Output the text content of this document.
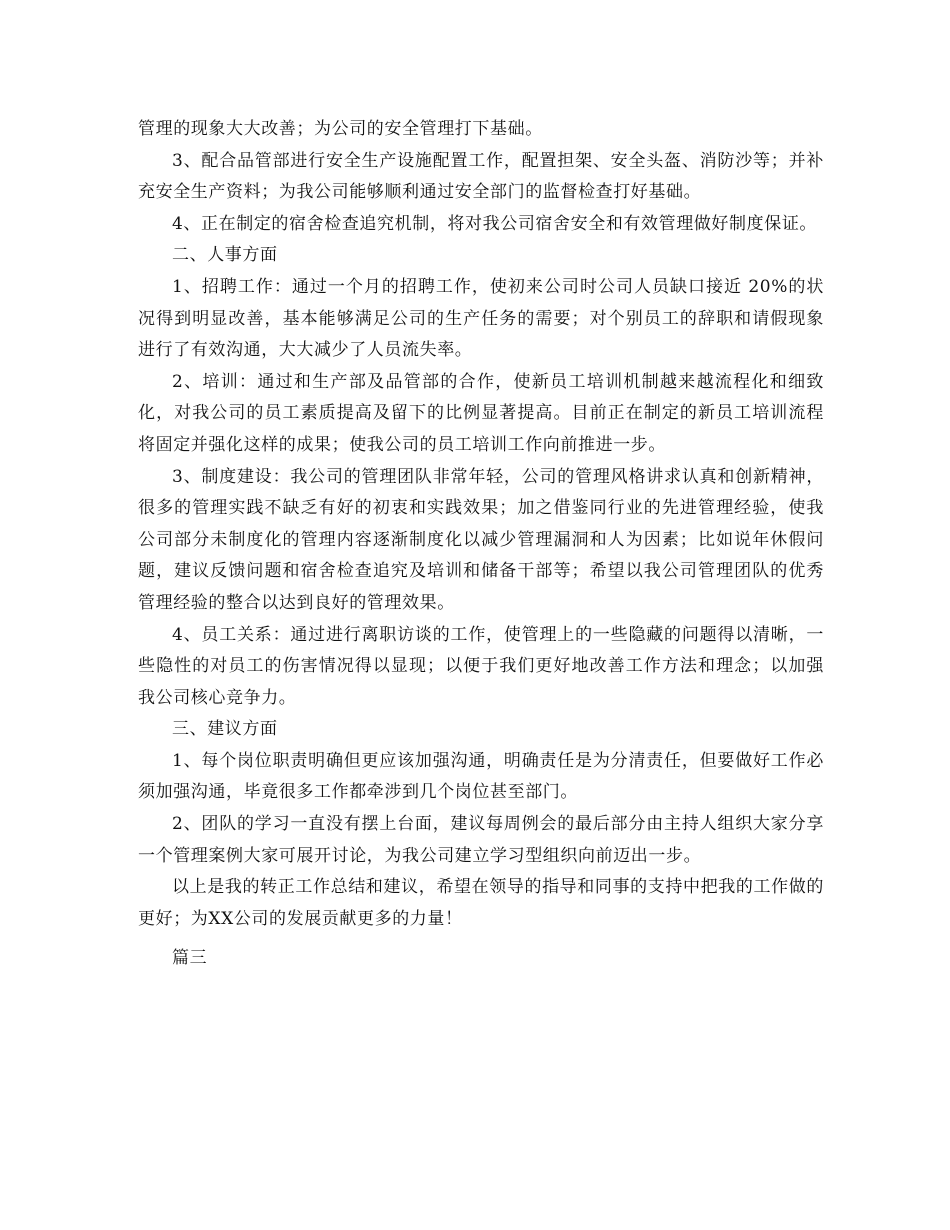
管理的现象大大改善；为公司的安全管理打下基础。

3、配合品管部进行安全生产设施配置工作，配置担架、安全头盔、消防沙等；并补充安全生产资料；为我公司能够顺利通过安全部门的监督检查打好基础。

4、正在制定的宿舍检查追究机制，将对我公司宿舍安全和有效管理做好制度保证。

二、人事方面

1、招聘工作：通过一个月的招聘工作，使初来公司时公司人员缺口接近 20%的状况得到明显改善，基本能够满足公司的生产任务的需要；对个别员工的辞职和请假现象进行了有效沟通，大大减少了人员流失率。

2、培训：通过和生产部及品管部的合作，使新员工培训机制越来越流程化和细致化，对我公司的员工素质提高及留下的比例显著提高。目前正在制定的新员工培训流程将固定并强化这样的成果；使我公司的员工培训工作向前推进一步。

3、制度建设：我公司的管理团队非常年轻，公司的管理风格讲求认真和创新精神，很多的管理实践不缺乏有好的初衷和实践效果；加之借鉴同行业的先进管理经验，使我公司部分未制度化的管理内容逐渐制度化以减少管理漏洞和人为因素；比如说年休假问题，建议反馈问题和宿舍检查追究及培训和储备干部等；希望以我公司管理团队的优秀管理经验的整合以达到良好的管理效果。

4、员工关系：通过进行离职访谈的工作，使管理上的一些隐藏的问题得以清晰，一些隐性的对员工的伤害情况得以显现；以便于我们更好地改善工作方法和理念；以加强我公司核心竞争力。

三、建议方面

1、每个岗位职责明确但更应该加强沟通，明确责任是为分清责任，但要做好工作必须加强沟通，毕竟很多工作都牵涉到几个岗位甚至部门。

2、团队的学习一直没有摆上台面，建议每周例会的最后部分由主持人组织大家分享一个管理案例大家可展开讨论，为我公司建立学习型组织向前迈出一步。

以上是我的转正工作总结和建议，希望在领导的指导和同事的支持中把我的工作做的更好；为XX公司的发展贡献更多的力量！

篇三
